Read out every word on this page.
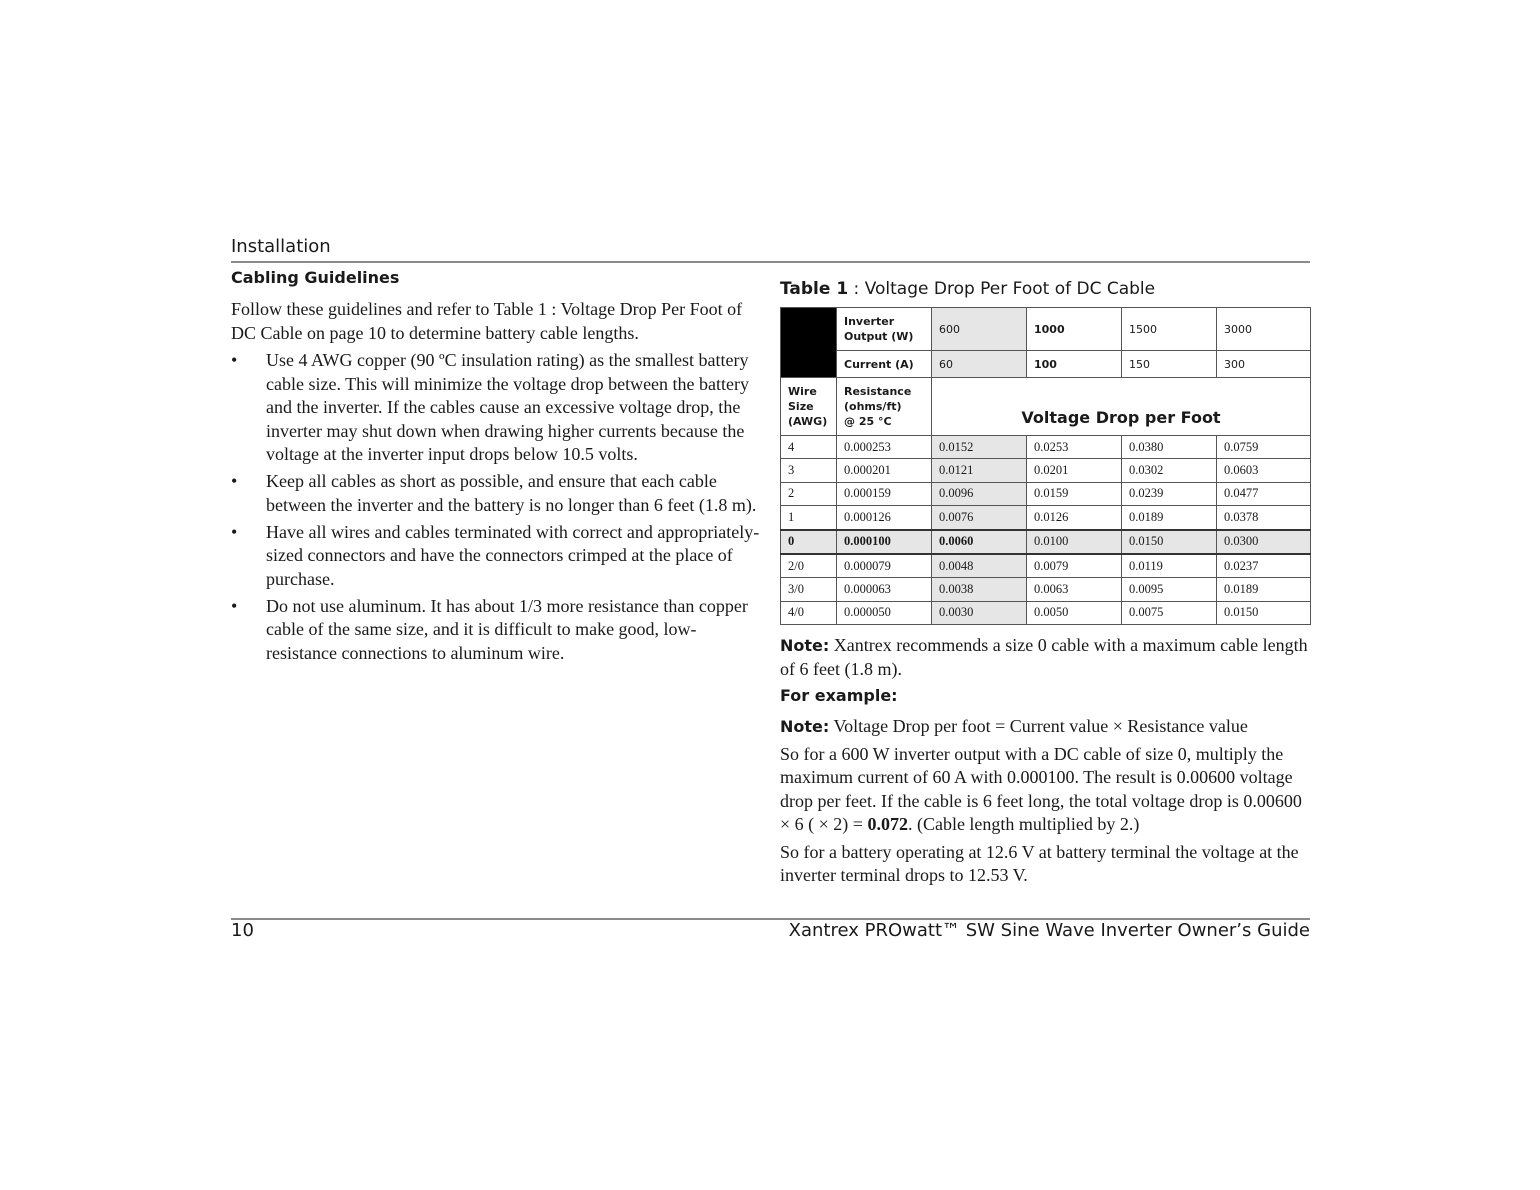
Installation
Cabling Guidelines

Follow these guidelines and refer to Table 1 : Voltage Drop Per Foot of DC Cable on page 10 to determine battery cable lengths.

• Use 4 AWG copper (90 ºC insulation rating) as the smallest battery cable size. This will minimize the voltage drop between the battery and the inverter. If the cables cause an excessive voltage drop, the inverter may shut down when drawing higher currents because the voltage at the inverter input drops below 10.5 volts.
• Keep all cables as short as possible, and ensure that each cable between the inverter and the battery is no longer than 6 feet (1.8 m).
• Have all wires and cables terminated with correct and appropriately-sized connectors and have the connectors crimped at the place of purchase.
• Do not use aluminum. It has about 1/3 more resistance than copper cable of the same size, and it is difficult to make good, low-resistance connections to aluminum wire.
Table 1 : Voltage Drop Per Foot of DC Cable
	Inverter
Output (W)	600	1000	1500	3000
	Current (A)	60	100	150	300
Wire
Size
(AWG)	Resistance
(ohms/ft)
@ 25 °C	Voltage Drop per Foot			
4	0.000253	0.0152	0.0253	0.0380	0.0759
3	0.000201	0.0121	0.0201	0.0302	0.0603
2	0.000159	0.0096	0.0159	0.0239	0.0477
1	0.000126	0.0076	0.0126	0.0189	0.0378
0	0.000100	0.0060	0.0100	0.0150	0.0300
2/0	0.000079	0.0048	0.0079	0.0119	0.0237
3/0	0.000063	0.0038	0.0063	0.0095	0.0189
4/0	0.000050	0.0030	0.0050	0.0075	0.0150

Note: Xantrex recommends a size 0 cable with a maximum cable length of 6 feet (1.8 m).

For example:

Note: Voltage Drop per foot = Current value × Resistance value

So for a 600 W inverter output with a DC cable of size 0, multiply the maximum current of 60 A with 0.000100. The result is 0.00600 voltage drop per feet. If the cable is 6 feet long, the total voltage drop is 0.00600 × 6 ( × 2) = 0.072. (Cable length multiplied by 2.)

So for a battery operating at 12.6 V at battery terminal the voltage at the inverter terminal drops to 12.53 V.

10	Xantrex PROwatt™ SW Sine Wave Inverter Owner’s Guide
